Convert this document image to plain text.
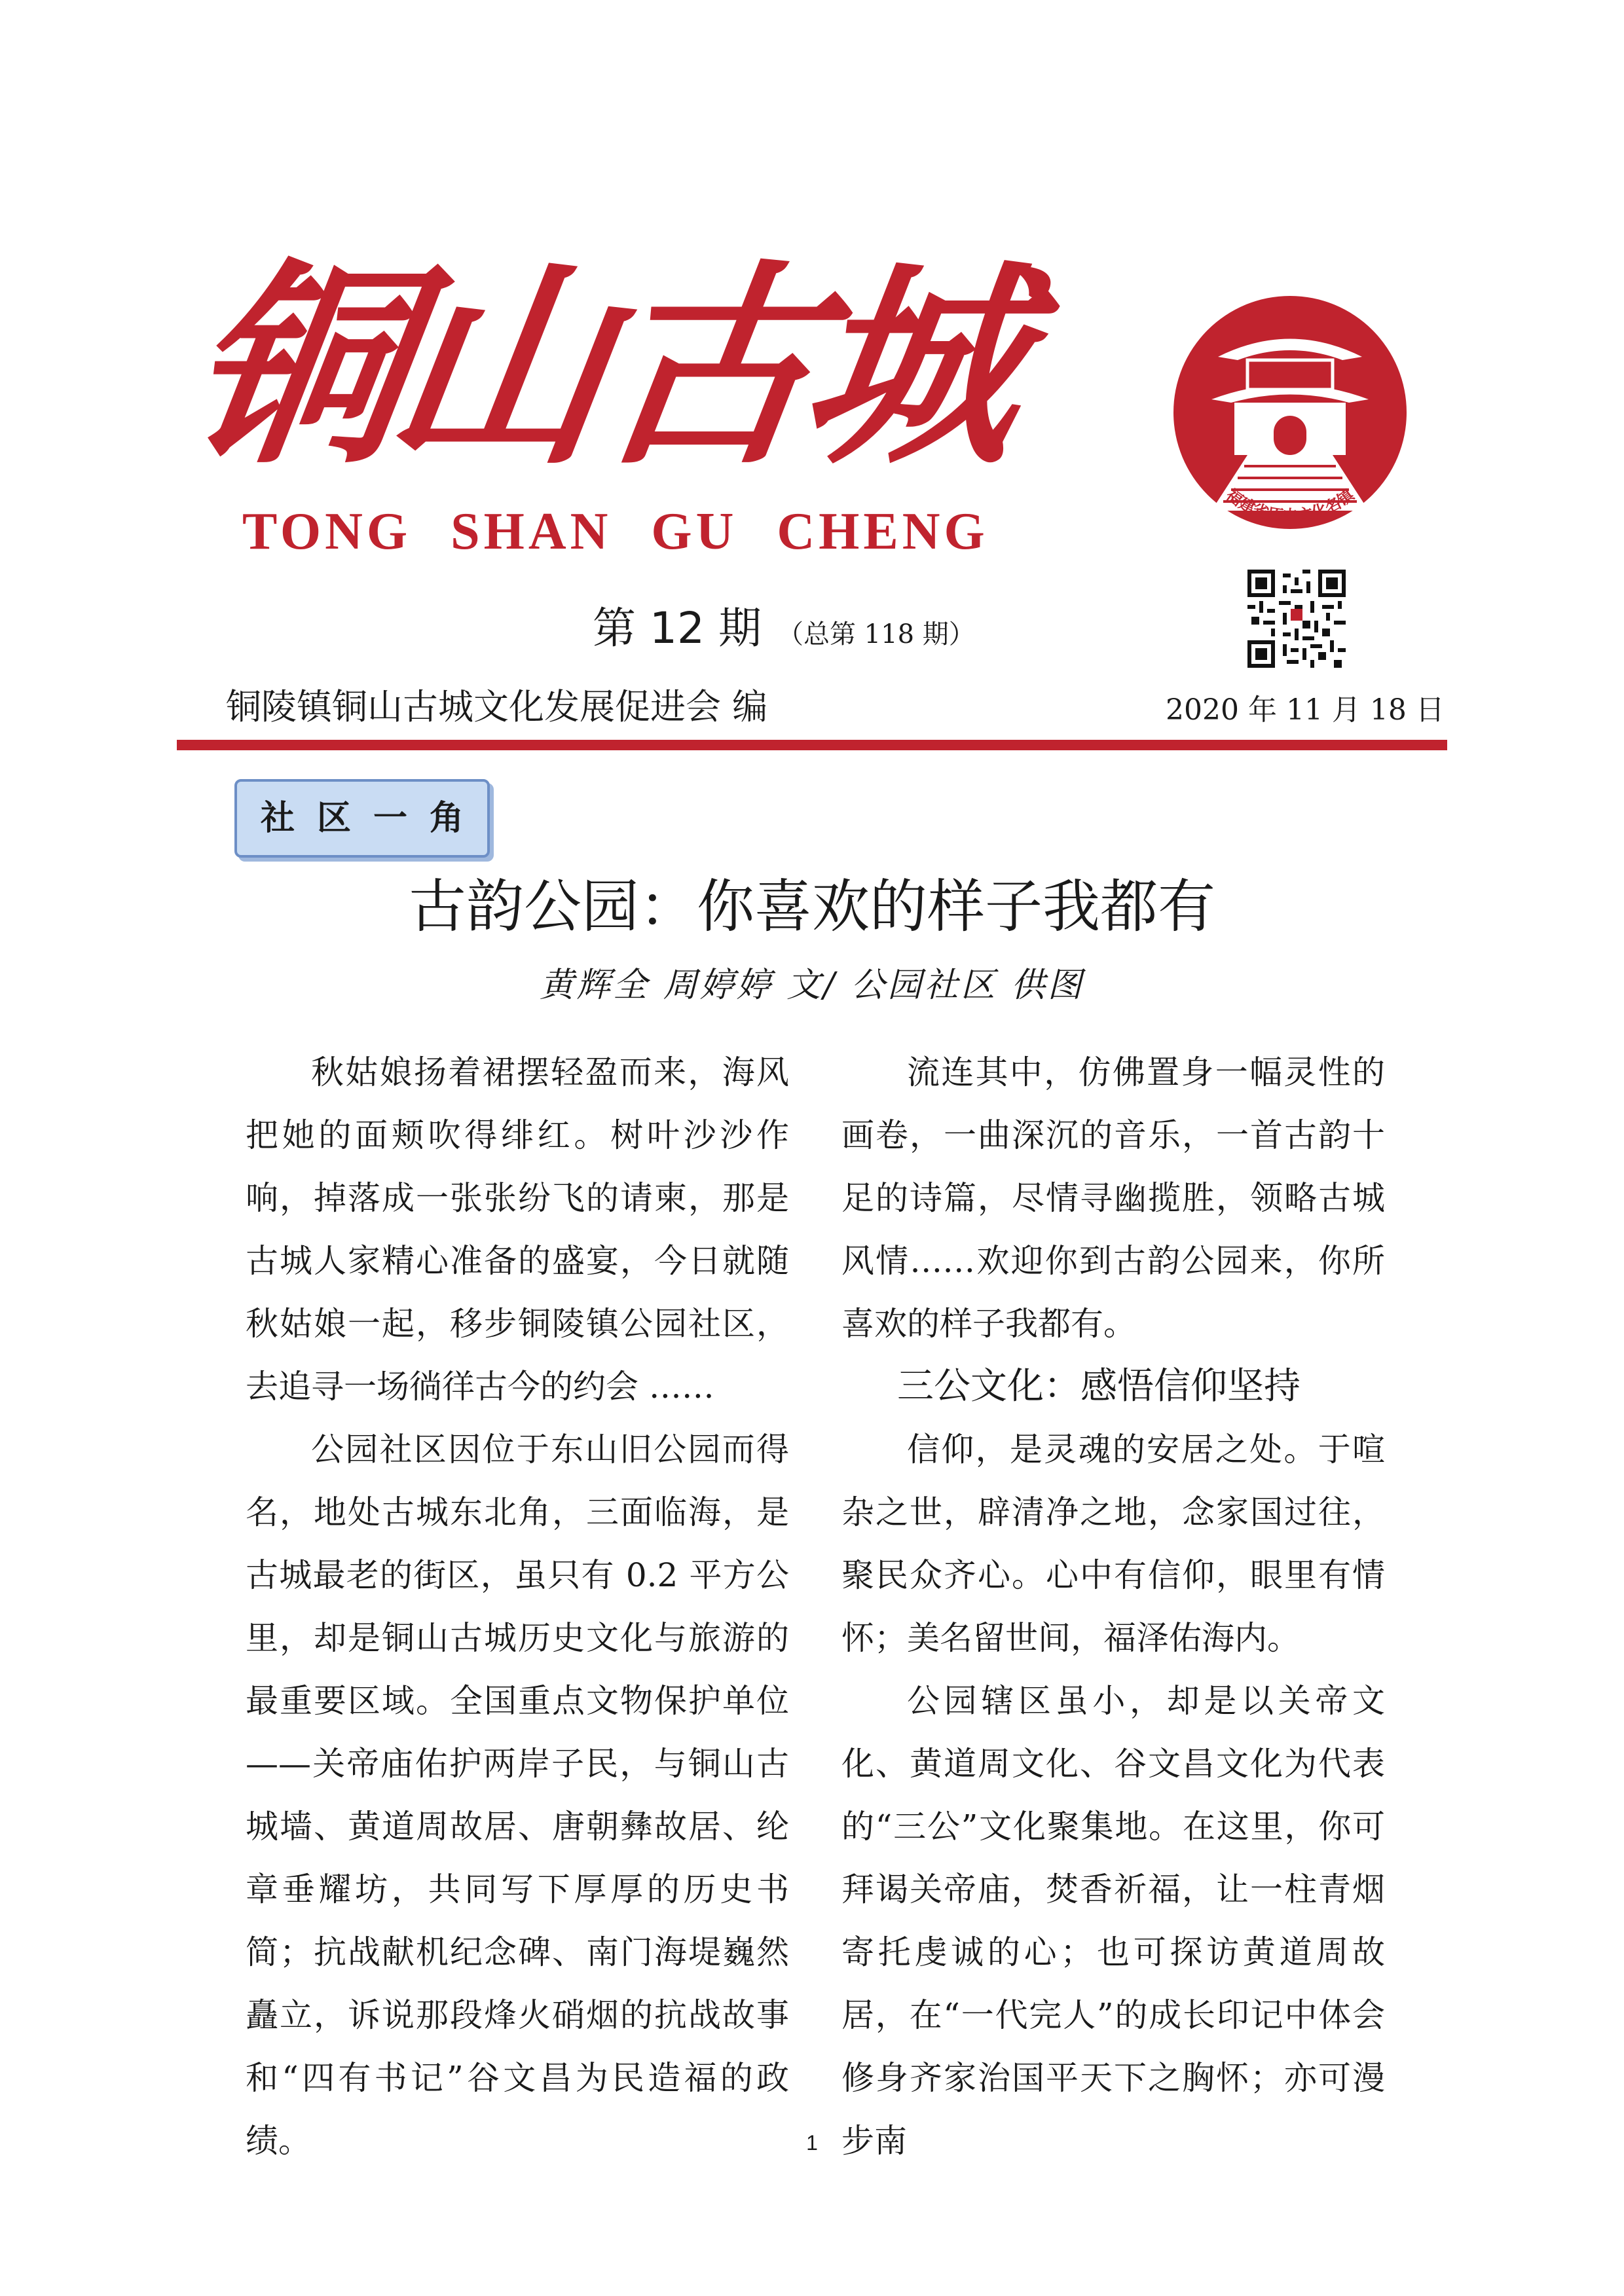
铜
山
古
城
TONG SHAN GU CHENG
福建省历史文化名镇
第 12 期 （总第 118 期）
铜陵镇铜山古城文化发展促进会 编	2020 年 11 月 18 日
社区一角
古韵公园：你喜欢的样子我都有
黄辉全 周婷婷 文/ 公园社区 供图

秋姑娘扬着裙摆轻盈而来，海风把她的面颊吹得绯红。树叶沙沙作响，掉落成一张张纷飞的请柬，那是古城人家精心准备的盛宴，今日就随秋姑娘一起，移步铜陵镇公园社区，去追寻一场徜徉古今的约会 ……

公园社区因位于东山旧公园而得名，地处古城东北角，三面临海，是古城最老的街区，虽只有 0.2 平方公里，却是铜山古城历史文化与旅游的最重要区域。全国重点文物保护单位——关帝庙佑护两岸子民，与铜山古城墙、黄道周故居、唐朝彝故居、纶章垂耀坊，共同写下厚厚的历史书简；抗战献机纪念碑、南门海堤巍然矗立，诉说那段烽火硝烟的抗战故事和“四有书记”谷文昌为民造福的政绩。

流连其中，仿佛置身一幅灵性的画卷，一曲深沉的音乐，一首古韵十足的诗篇，尽情寻幽揽胜，领略古城风情……欢迎你到古韵公园来，你所喜欢的样子我都有。

三公文化：感悟信仰坚持

信仰，是灵魂的安居之处。于喧杂之世，辟清净之地，念家国过往，聚民众齐心。心中有信仰，眼里有情怀；美名留世间，福泽佑海内。

公园辖区虽小，却是以关帝文化、黄道周文化、谷文昌文化为代表的“三公”文化聚集地。在这里，你可拜谒关帝庙，焚香祈福，让一柱青烟寄托虔诚的心；也可探访黄道周故居，在“一代完人”的成长印记中体会修身齐家治国平天下之胸怀；亦可漫步南

1
